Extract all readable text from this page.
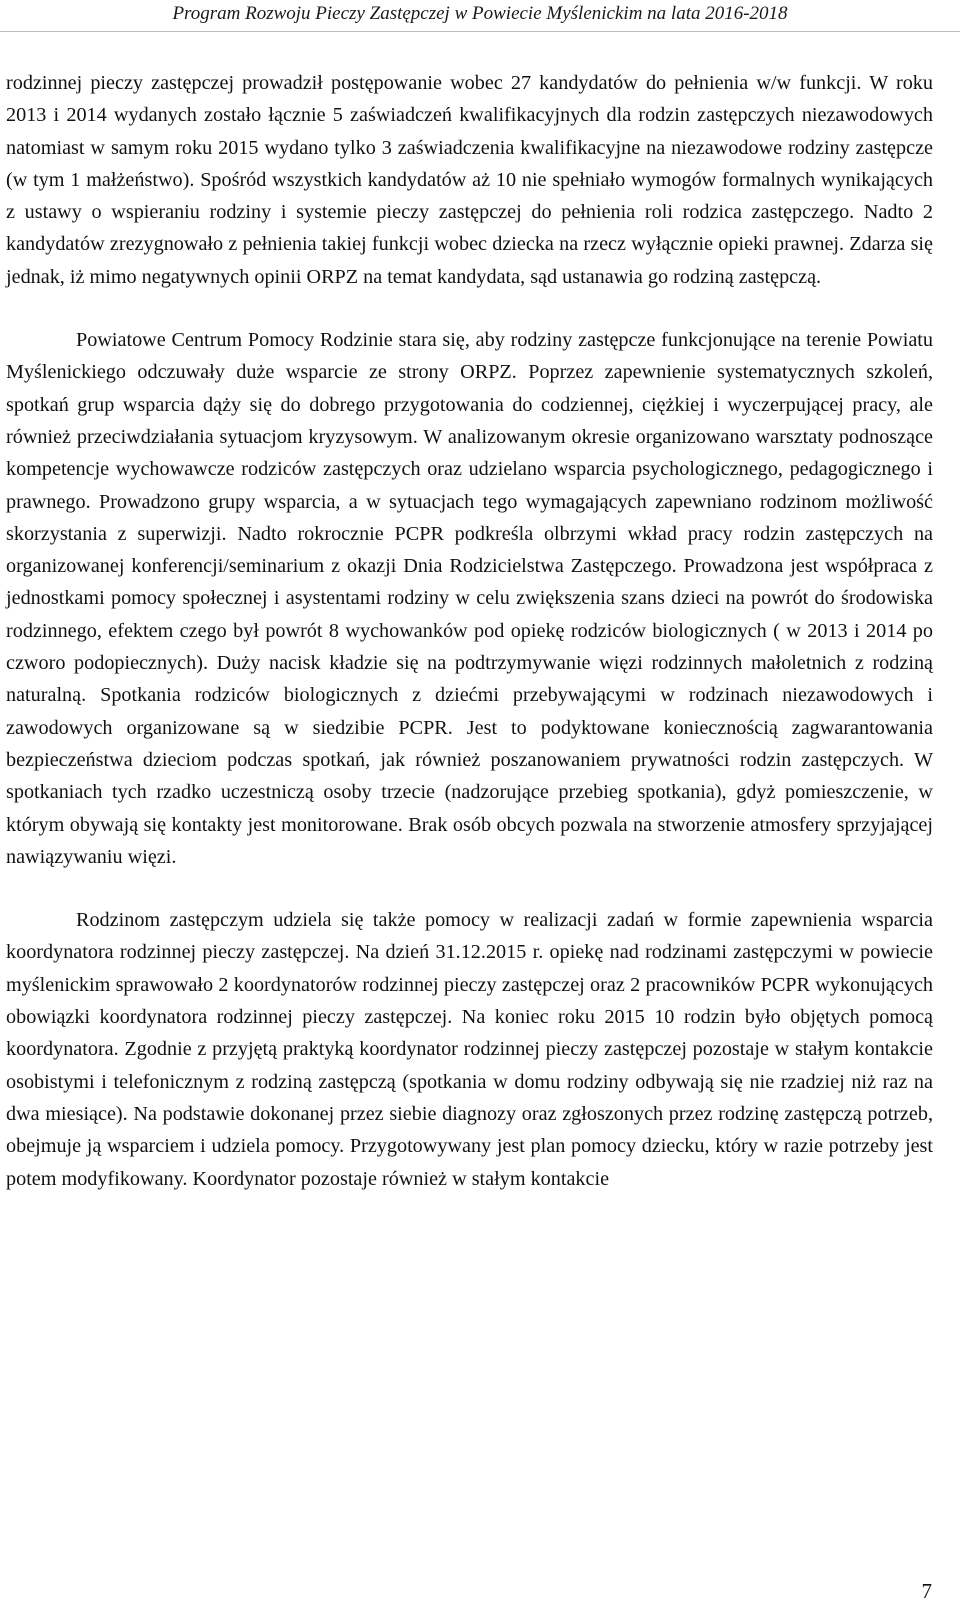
Program Rozwoju Pieczy Zastępczej w Powiecie Myślenickim na lata 2016-2018

rodzinnej pieczy zastępczej prowadził postępowanie wobec 27 kandydatów do pełnienia w/w funkcji. W roku 2013 i 2014 wydanych zostało łącznie 5 zaświadczeń kwalifikacyjnych dla rodzin zastępczych niezawodowych natomiast w samym roku 2015 wydano tylko 3 zaświadczenia kwalifikacyjne na niezawodowe rodziny zastępcze (w tym 1 małżeństwo). Spośród wszystkich kandydatów aż 10 nie spełniało wymogów formalnych wynikających z ustawy o wspieraniu rodziny i systemie pieczy zastępczej do pełnienia roli rodzica zastępczego. Nadto 2 kandydatów zrezygnowało z pełnienia takiej funkcji wobec dziecka na rzecz wyłącznie opieki prawnej. Zdarza się jednak, iż mimo negatywnych opinii ORPZ na temat kandydata, sąd ustanawia go rodziną zastępczą.

Powiatowe Centrum Pomocy Rodzinie stara się, aby rodziny zastępcze funkcjonujące na terenie Powiatu Myślenickiego odczuwały duże wsparcie ze strony ORPZ. Poprzez zapewnienie systematycznych szkoleń, spotkań grup wsparcia dąży się do dobrego przygotowania do codziennej, ciężkiej i wyczerpującej pracy, ale również przeciwdziałania sytuacjom kryzysowym. W analizowanym okresie organizowano warsztaty podnoszące kompetencje wychowawcze rodziców zastępczych oraz udzielano wsparcia psychologicznego, pedagogicznego i prawnego. Prowadzono grupy wsparcia, a w sytuacjach tego wymagających zapewniano rodzinom możliwość skorzystania z superwizji. Nadto rokrocznie PCPR podkreśla olbrzymi wkład pracy rodzin zastępczych na organizowanej konferencji/seminarium z okazji Dnia Rodzicielstwa Zastępczego. Prowadzona jest współpraca z jednostkami pomocy społecznej i asystentami rodziny w celu zwiększenia szans dzieci na powrót do środowiska rodzinnego, efektem czego był powrót 8 wychowanków pod opiekę rodziców biologicznych ( w 2013 i 2014 po czworo podopiecznych). Duży nacisk kładzie się na podtrzymywanie więzi rodzinnych małoletnich z rodziną naturalną. Spotkania rodziców biologicznych z dziećmi przebywającymi w rodzinach niezawodowych i zawodowych organizowane są w siedzibie PCPR. Jest to podyktowane koniecznością zagwarantowania bezpieczeństwa dzieciom podczas spotkań, jak również poszanowaniem prywatności rodzin zastępczych. W spotkaniach tych rzadko uczestniczą osoby trzecie (nadzorujące przebieg spotkania), gdyż pomieszczenie, w którym obywają się kontakty jest monitorowane. Brak osób obcych pozwala na stworzenie atmosfery sprzyjającej nawiązywaniu więzi.

Rodzinom zastępczym udziela się także pomocy w realizacji zadań w formie zapewnienia wsparcia koordynatora rodzinnej pieczy zastępczej. Na dzień 31.12.2015 r. opiekę nad rodzinami zastępczymi w powiecie myślenickim sprawowało 2 koordynatorów rodzinnej pieczy zastępczej oraz 2 pracowników PCPR wykonujących obowiązki koordynatora rodzinnej pieczy zastępczej. Na koniec roku 2015 10 rodzin było objętych pomocą koordynatora. Zgodnie z przyjętą praktyką koordynator rodzinnej pieczy zastępczej pozostaje w stałym kontakcie osobistymi i telefonicznym z rodziną zastępczą (spotkania w domu rodziny odbywają się nie rzadziej niż raz na dwa miesiące). Na podstawie dokonanej przez siebie diagnozy oraz zgłoszonych przez rodzinę zastępczą potrzeb, obejmuje ją wsparciem i udziela pomocy. Przygotowywany jest plan pomocy dziecku, który w razie potrzeby jest potem modyfikowany. Koordynator pozostaje również w stałym kontakcie

7
